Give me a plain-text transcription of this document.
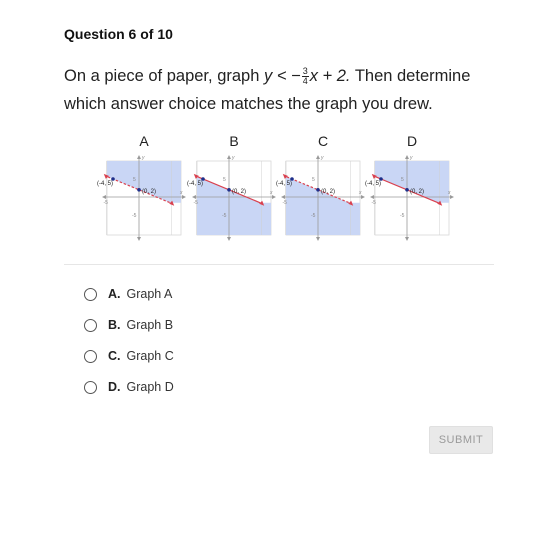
Question 6 of 10
On a piece of paper, graph y < − $\frac{3}{4}$ x + 2. Then determine which answer choice matches the graph you drew.
A
y
x
5
-5
-5
(-4, 5)
(0, 2)
B
y
x
5
-5
-5
(-4, 5)
(0, 2)
C
y
x
5
-5
-5
(-4, 5)
(0, 2)
D
y
x
5
-5
-5
(-4, 5)
(0, 2)
A. Graph A
B. Graph B
C. Graph C
D. Graph D
SUBMIT
